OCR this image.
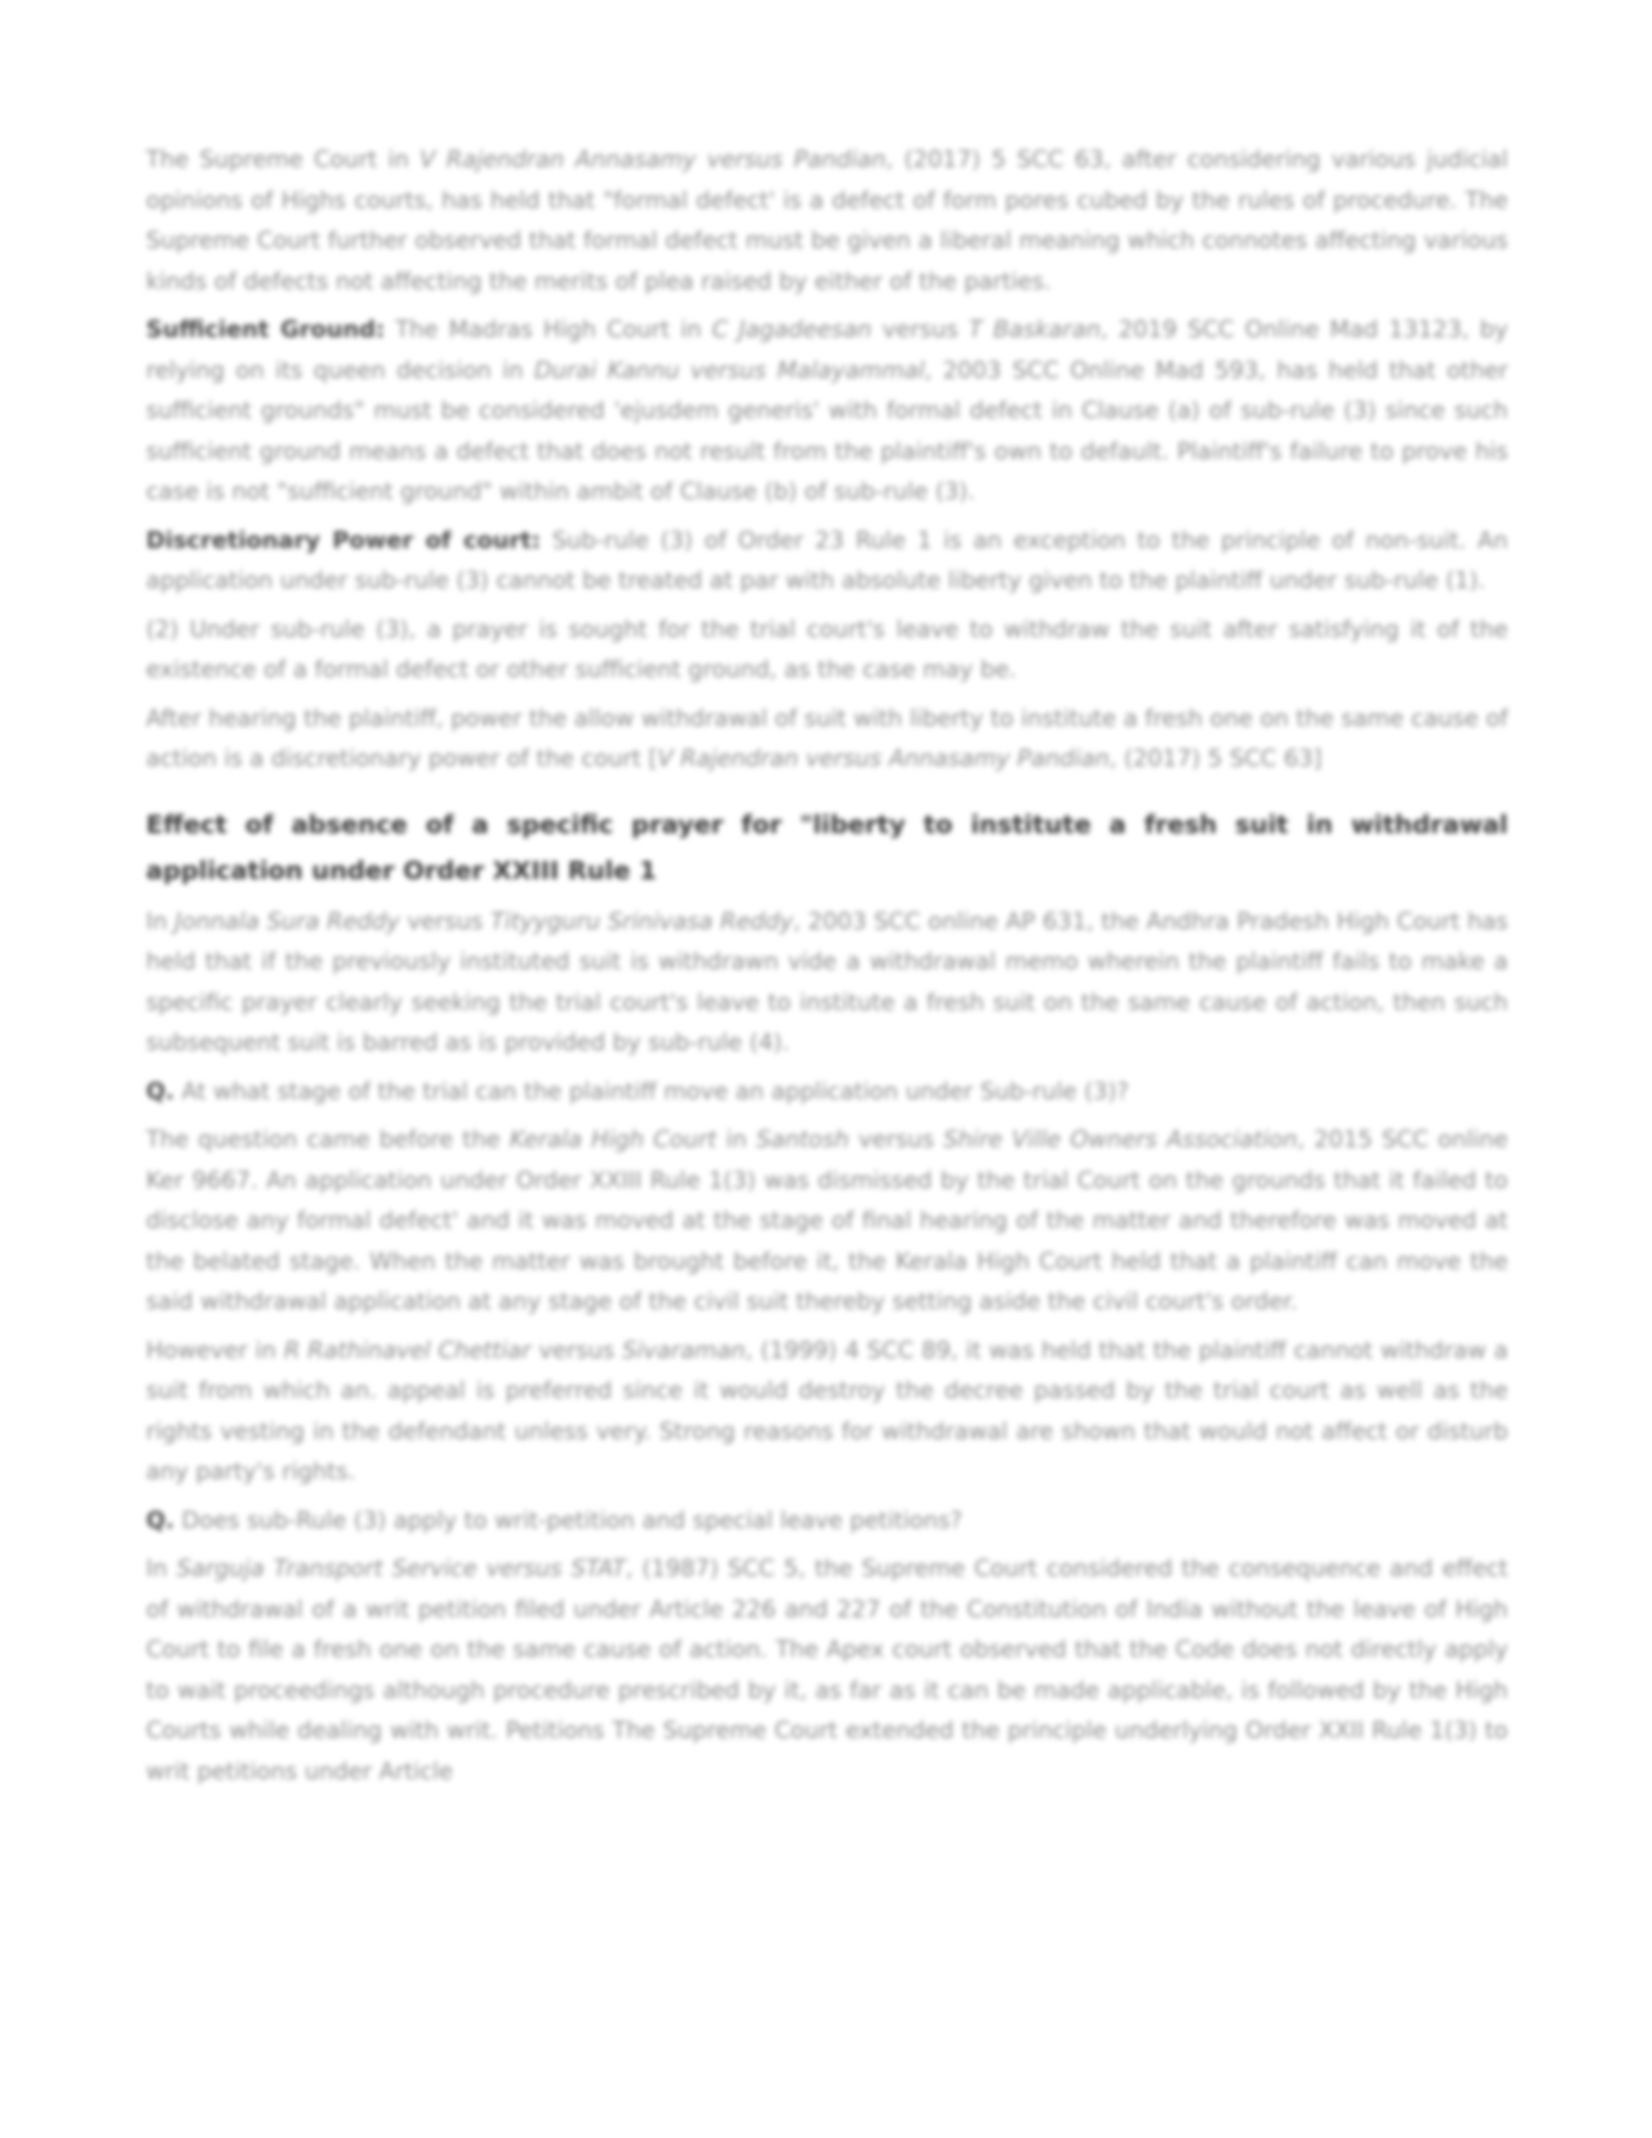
The Supreme Court in V Rajendran Annasamy versus Pandian, (2017) 5 SCC 63, after considering various judicial opinions of Highs courts, has held that "formal defect' is a defect of form pores cubed by the rules of procedure. The Supreme Court further observed that formal defect must be given a liberal meaning which connotes affecting various kinds of defects not affecting the merits of plea raised by either of the parties.

Sufficient Ground: The Madras High Court in C Jagadeesan versus T Baskaran, 2019 SCC Online Mad 13123, by relying on its queen decision in Durai Kannu versus Malayammal, 2003 SCC Online Mad 593, has held that other sufficient grounds" must be considered 'ejusdem generis' with formal defect in Clause (a) of sub-rule (3) since such sufficient ground means a defect that does not result from the plaintiff's own to default. Plaintiff's failure to prove his case is not "sufficient ground" within ambit of Clause (b) of sub-rule (3).

Discretionary Power of court: Sub-rule (3) of Order 23 Rule 1 is an exception to the principle of non-suit. An application under sub-rule (3) cannot be treated at par with absolute liberty given to the plaintiff under sub-rule (1).

(2) Under sub-rule (3), a prayer is sought for the trial court's leave to withdraw the suit after satisfying it of the existence of a formal defect or other sufficient ground, as the case may be.

After hearing the plaintiff, power the allow withdrawal of suit with liberty to institute a fresh one on the same cause of action is a discretionary power of the court [V Rajendran versus Annasamy Pandian, (2017) 5 SCC 63]

Effect of absence of a specific prayer for "liberty to institute a fresh suit in withdrawal application under Order XXIII Rule 1

In Jonnala Sura Reddy versus Tityyguru Srinivasa Reddy, 2003 SCC online AP 631, the Andhra Pradesh High Court has held that if the previously instituted suit is withdrawn vide a withdrawal memo wherein the plaintiff fails to make a specific prayer clearly seeking the trial court's leave to institute a fresh suit on the same cause of action, then such subsequent suit is barred as is provided by sub-rule (4).

Q. At what stage of the trial can the plaintiff move an application under Sub-rule (3)?

The question came before the Kerala High Court in Santosh versus Shire Ville Owners Association, 2015 SCC online Ker 9667. An application under Order XXIII Rule 1(3) was dismissed by the trial Court on the grounds that it failed to disclose any formal defect' and it was moved at the stage of final hearing of the matter and therefore was moved at the belated stage. When the matter was brought before it, the Kerala High Court held that a plaintiff can move the said withdrawal application at any stage of the civil suit thereby setting aside the civil court's order.

However in R Rathinavel Chettiar versus Sivaraman, (1999) 4 SCC 89, it was held that the plaintiff cannot withdraw a suit from which an. appeal is preferred since it would destroy the decree passed by the trial court as well as the rights vesting in the defendant unless very. Strong reasons for withdrawal are shown that would not affect or disturb any party's rights.

Q. Does sub-Rule (3) apply to writ-petition and special leave petitions?

In Sarguja Transport Service versus STAT, (1987) SCC 5, the Supreme Court considered the consequence and effect of withdrawal of a writ petition filed under Article 226 and 227 of the Constitution of India without the leave of High Court to file a fresh one on the same cause of action. The Apex court observed that the Code does not directly apply to wait proceedings although procedure prescribed by it, as far as it can be made applicable, is followed by the High Courts while dealing with writ. Petitions The Supreme Court extended the principle underlying Order XXII Rule 1(3) to writ petitions under Article
